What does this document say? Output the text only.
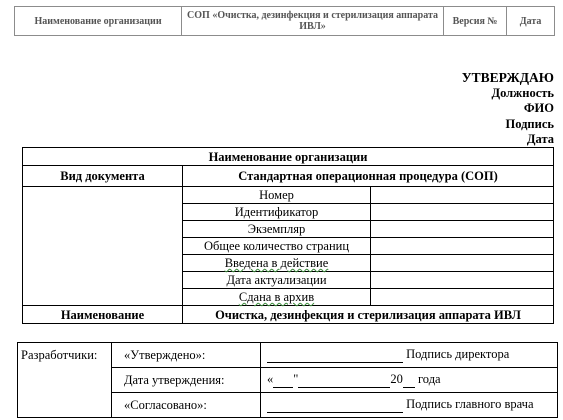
Наименование организации	СОП «Очистка, дезинфекция и стерилизация аппарата ИВЛ»	Версия №	Дата
УТВЕРЖДАЮ
Должность
ФИО
Подпись
Дата
Наименование организации		
Вид документа	Стандартная операционная процедура (СОП)	
	Номер	
	Идентификатор	
	Экземпляр	
	Общее количество страниц	
	Введена в действие	
	Дата актуализации	
	Сдана в архив	
Наименование	Очистка, дезинфекция и стерилизация аппарата ИВЛ	
Разработчики:	«Утверждено»:	Подпись директора
	Дата утверждения:	« " 20 года
	«Согласовано»:	Подпись главного врача
